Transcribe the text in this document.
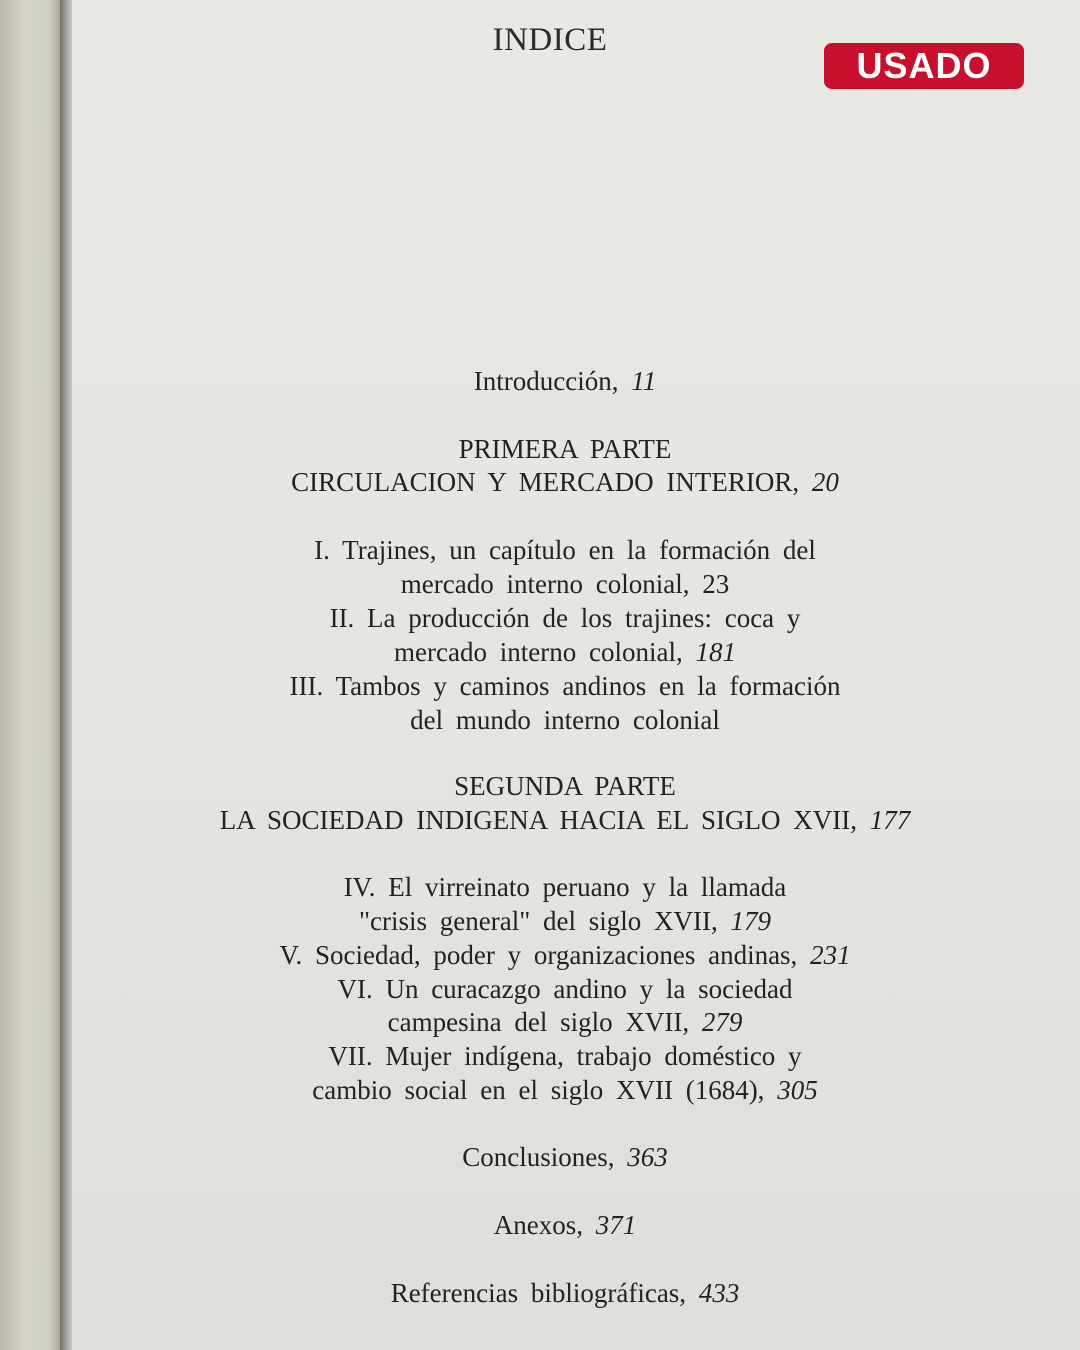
INDICE
USADO
Introducción, 11
PRIMERA PARTE
CIRCULACION Y MERCADO INTERIOR, 20
I. Trajines, un capítulo en la formación del
mercado interno colonial, 23
II. La producción de los trajines: coca y
mercado interno colonial, 181
III. Tambos y caminos andinos en la formación
del mundo interno colonial
SEGUNDA PARTE
LA SOCIEDAD INDIGENA HACIA EL SIGLO XVII, 177
IV. El virreinato peruano y la llamada
"crisis general" del siglo XVII, 179
V. Sociedad, poder y organizaciones andinas, 231
VI. Un curacazgo andino y la sociedad
campesina del siglo XVII, 279
VII. Mujer indígena, trabajo doméstico y
cambio social en el siglo XVII (1684), 305
Conclusiones, 363
Anexos, 371
Referencias bibliográficas, 433
